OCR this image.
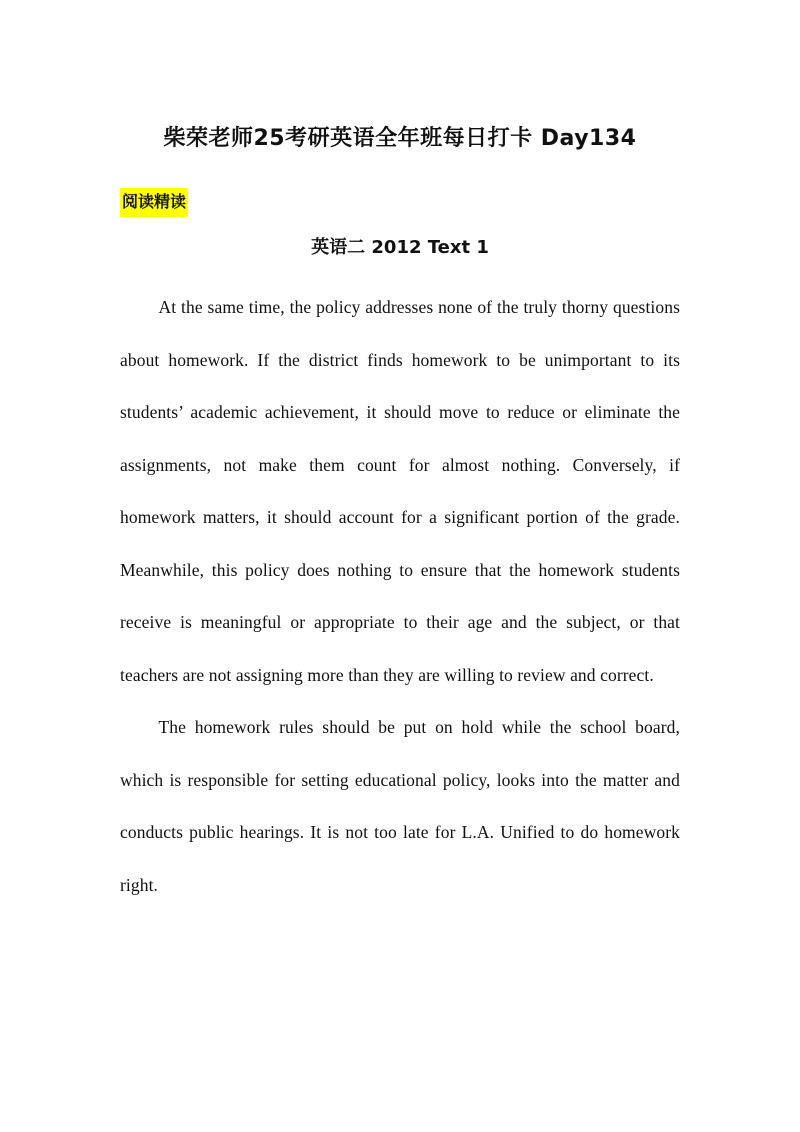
柴荣老师25考研英语全年班每日打卡 Day134
阅读精读
英语二 2012 Text 1

At the same time, the policy addresses none of the truly thorny questions about homework. If the district finds homework to be unimportant to its students’ academic achievement, it should move to reduce or eliminate the assignments, not make them count for almost nothing. Conversely, if homework matters, it should account for a significant portion of the grade. Meanwhile, this policy does nothing to ensure that the homework students receive is meaningful or appropriate to their age and the subject, or that teachers are not assigning more than they are willing to review and correct.

The homework rules should be put on hold while the school board, which is responsible for setting educational policy, looks into the matter and conducts public hearings. It is not too late for L.A. Unified to do homework right.
